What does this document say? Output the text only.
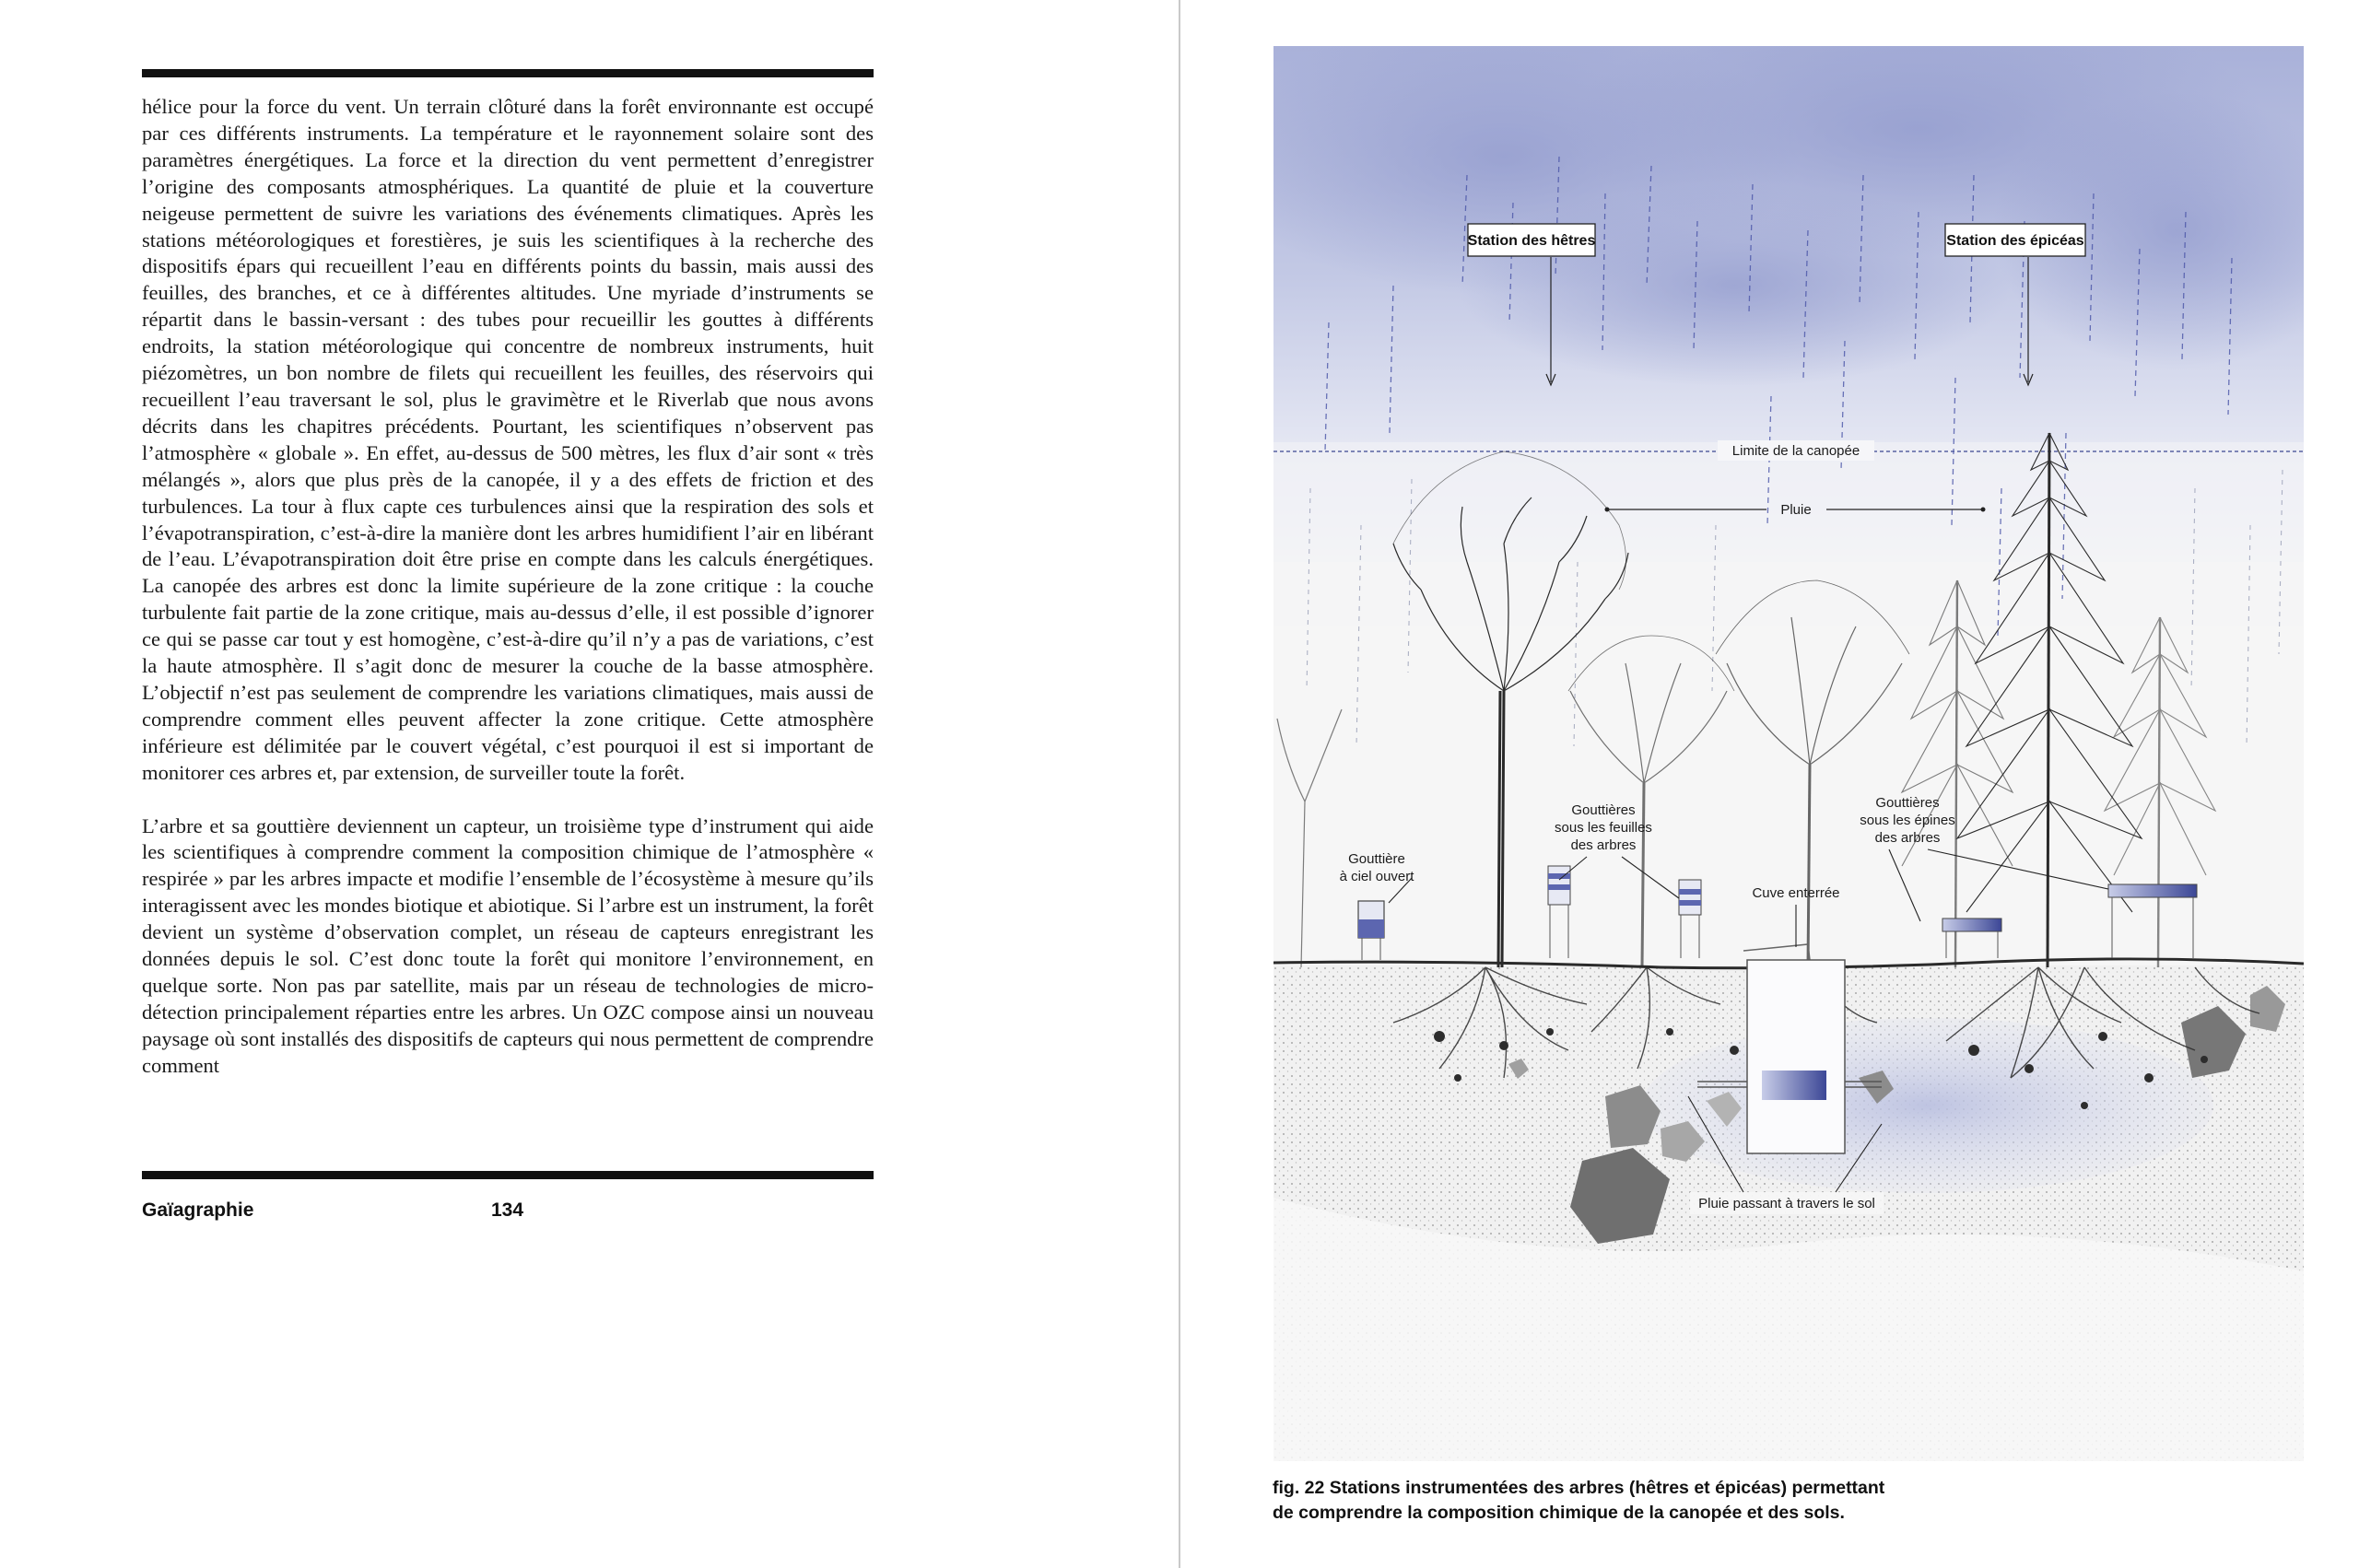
hélice pour la force du vent. Un terrain clôturé dans la forêt environnante est occupé par ces différents instruments. La température et le rayonnement solaire sont des paramètres énergétiques. La force et la direction du vent permettent d’enregistrer l’origine des composants atmosphériques. La quantité de pluie et la couverture neigeuse permettent de suivre les variations des événements climatiques. Après les stations météorologiques et forestières, je suis les scientifiques à la recherche des dispositifs épars qui recueillent l’eau en différents points du bassin, mais aussi des feuilles, des branches, et ce à différentes altitudes. Une myriade d’instruments se répartit dans le bassin-versant : des tubes pour recueillir les gouttes à différents endroits, la station météorologique qui concentre de nombreux instruments, huit piézomètres, un bon nombre de filets qui recueillent les feuilles, des réservoirs qui recueillent l’eau traversant le sol, plus le gravimètre et le Riverlab que nous avons décrits dans les chapitres précédents. Pourtant, les scientifiques n’observent pas l’atmosphère « globale ». En effet, au-dessus de 500 mètres, les flux d’air sont « très mélangés », alors que plus près de la canopée, il y a des effets de friction et des turbulences. La tour à flux capte ces turbulences ainsi que la respiration des sols et l’évapotranspiration, c’est-à-dire la manière dont les arbres humidifient l’air en libérant de l’eau. L’évapotranspiration doit être prise en compte dans les calculs énergétiques. La canopée des arbres est donc la limite supérieure de la zone critique : la couche turbulente fait partie de la zone critique, mais au-dessus d’elle, il est possible d’ignorer ce qui se passe car tout y est homogène, c’est-à-dire qu’il n’y a pas de variations, c’est la haute atmosphère. Il s’agit donc de mesurer la couche de la basse atmosphère. L’objectif n’est pas seulement de comprendre les variations climatiques, mais aussi de comprendre comment elles peuvent affecter la zone critique. Cette atmosphère inférieure est délimitée par le couvert végétal, c’est pourquoi il est si important de monitorer ces arbres et, par extension, de surveiller toute la forêt.

L’arbre et sa gouttière deviennent un capteur, un troisième type d’instrument qui aide les scientifiques à comprendre comment la composition chimique de l’atmosphère « respirée » par les arbres impacte et modifie l’ensemble de l’écosystème à mesure qu’ils interagissent avec les mondes biotique et abiotique. Si l’arbre est un instrument, la forêt devient un système d’observation complet, un réseau de capteurs enregistrant les données depuis le sol. C’est donc toute la forêt qui monitore l’environnement, en quelque sorte. Non pas par satellite, mais par un réseau de technologies de micro-détection principalement réparties entre les arbres. Un OZC compose ainsi un nouveau paysage où sont installés des dispositifs de capteurs qui nous permettent de comprendre comment

Gaïagraphie	134
Station des hêtres	Station des épicéas
Limite de la canopée
Pluie
Gouttières
sous les feuilles
des arbres
Gouttières
sous les épines
des arbres
Gouttière
à ciel ouvert
Cuve enterrée
Pluie passant à travers le sol
fig. 22 Stations instrumentées des arbres (hêtres et épicéas) permettant
de comprendre la composition chimique de la canopée et des sols.
